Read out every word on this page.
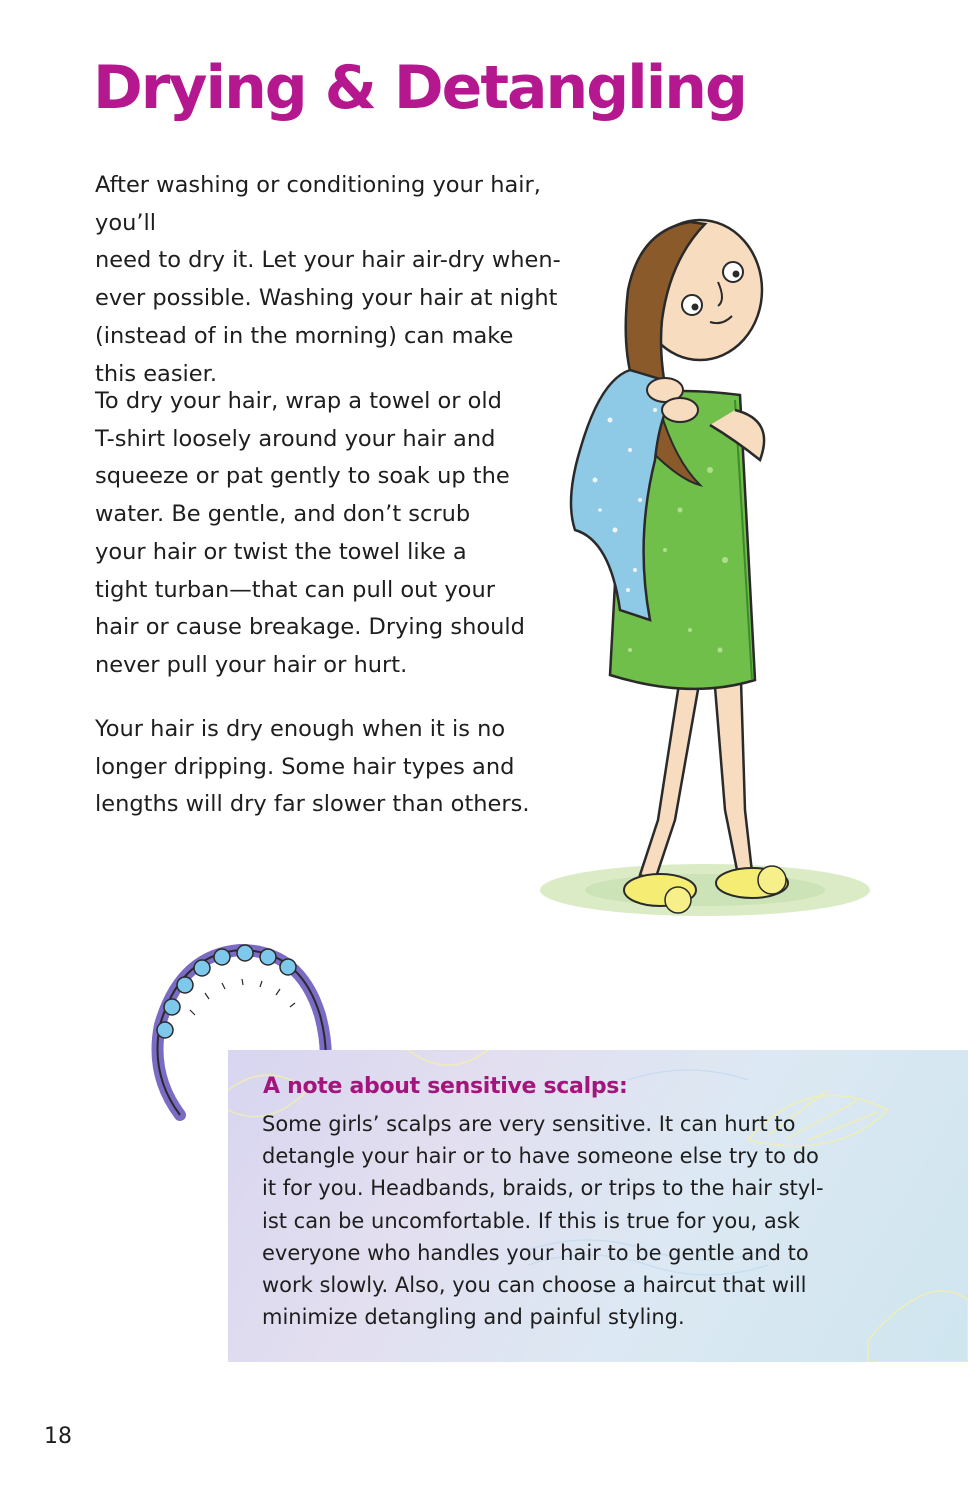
Drying & Detangling

After washing or conditioning your hair, you’ll
need to dry it. Let your hair air-dry when-
ever possible. Washing your hair at night
(instead of in the morning) can make
this easier.

To dry your hair, wrap a towel or old
T-shirt loosely around your hair and
squeeze or pat gently to soak up the
water. Be gentle, and don’t scrub
your hair or twist the towel like a
tight turban—that can pull out your
hair or cause breakage. Drying should
never pull your hair or hurt.

Your hair is dry enough when it is no
longer dripping. Some hair types and
lengths will dry far slower than others.

A note about sensitive scalps:

Some girls’ scalps are very sensitive. It can hurt to
detangle your hair or to have someone else try to do
it for you. Headbands, braids, or trips to the hair styl-
ist can be uncomfortable. If this is true for you, ask
everyone who handles your hair to be gentle and to
work slowly. Also, you can choose a haircut that will
minimize detangling and painful styling.

18
